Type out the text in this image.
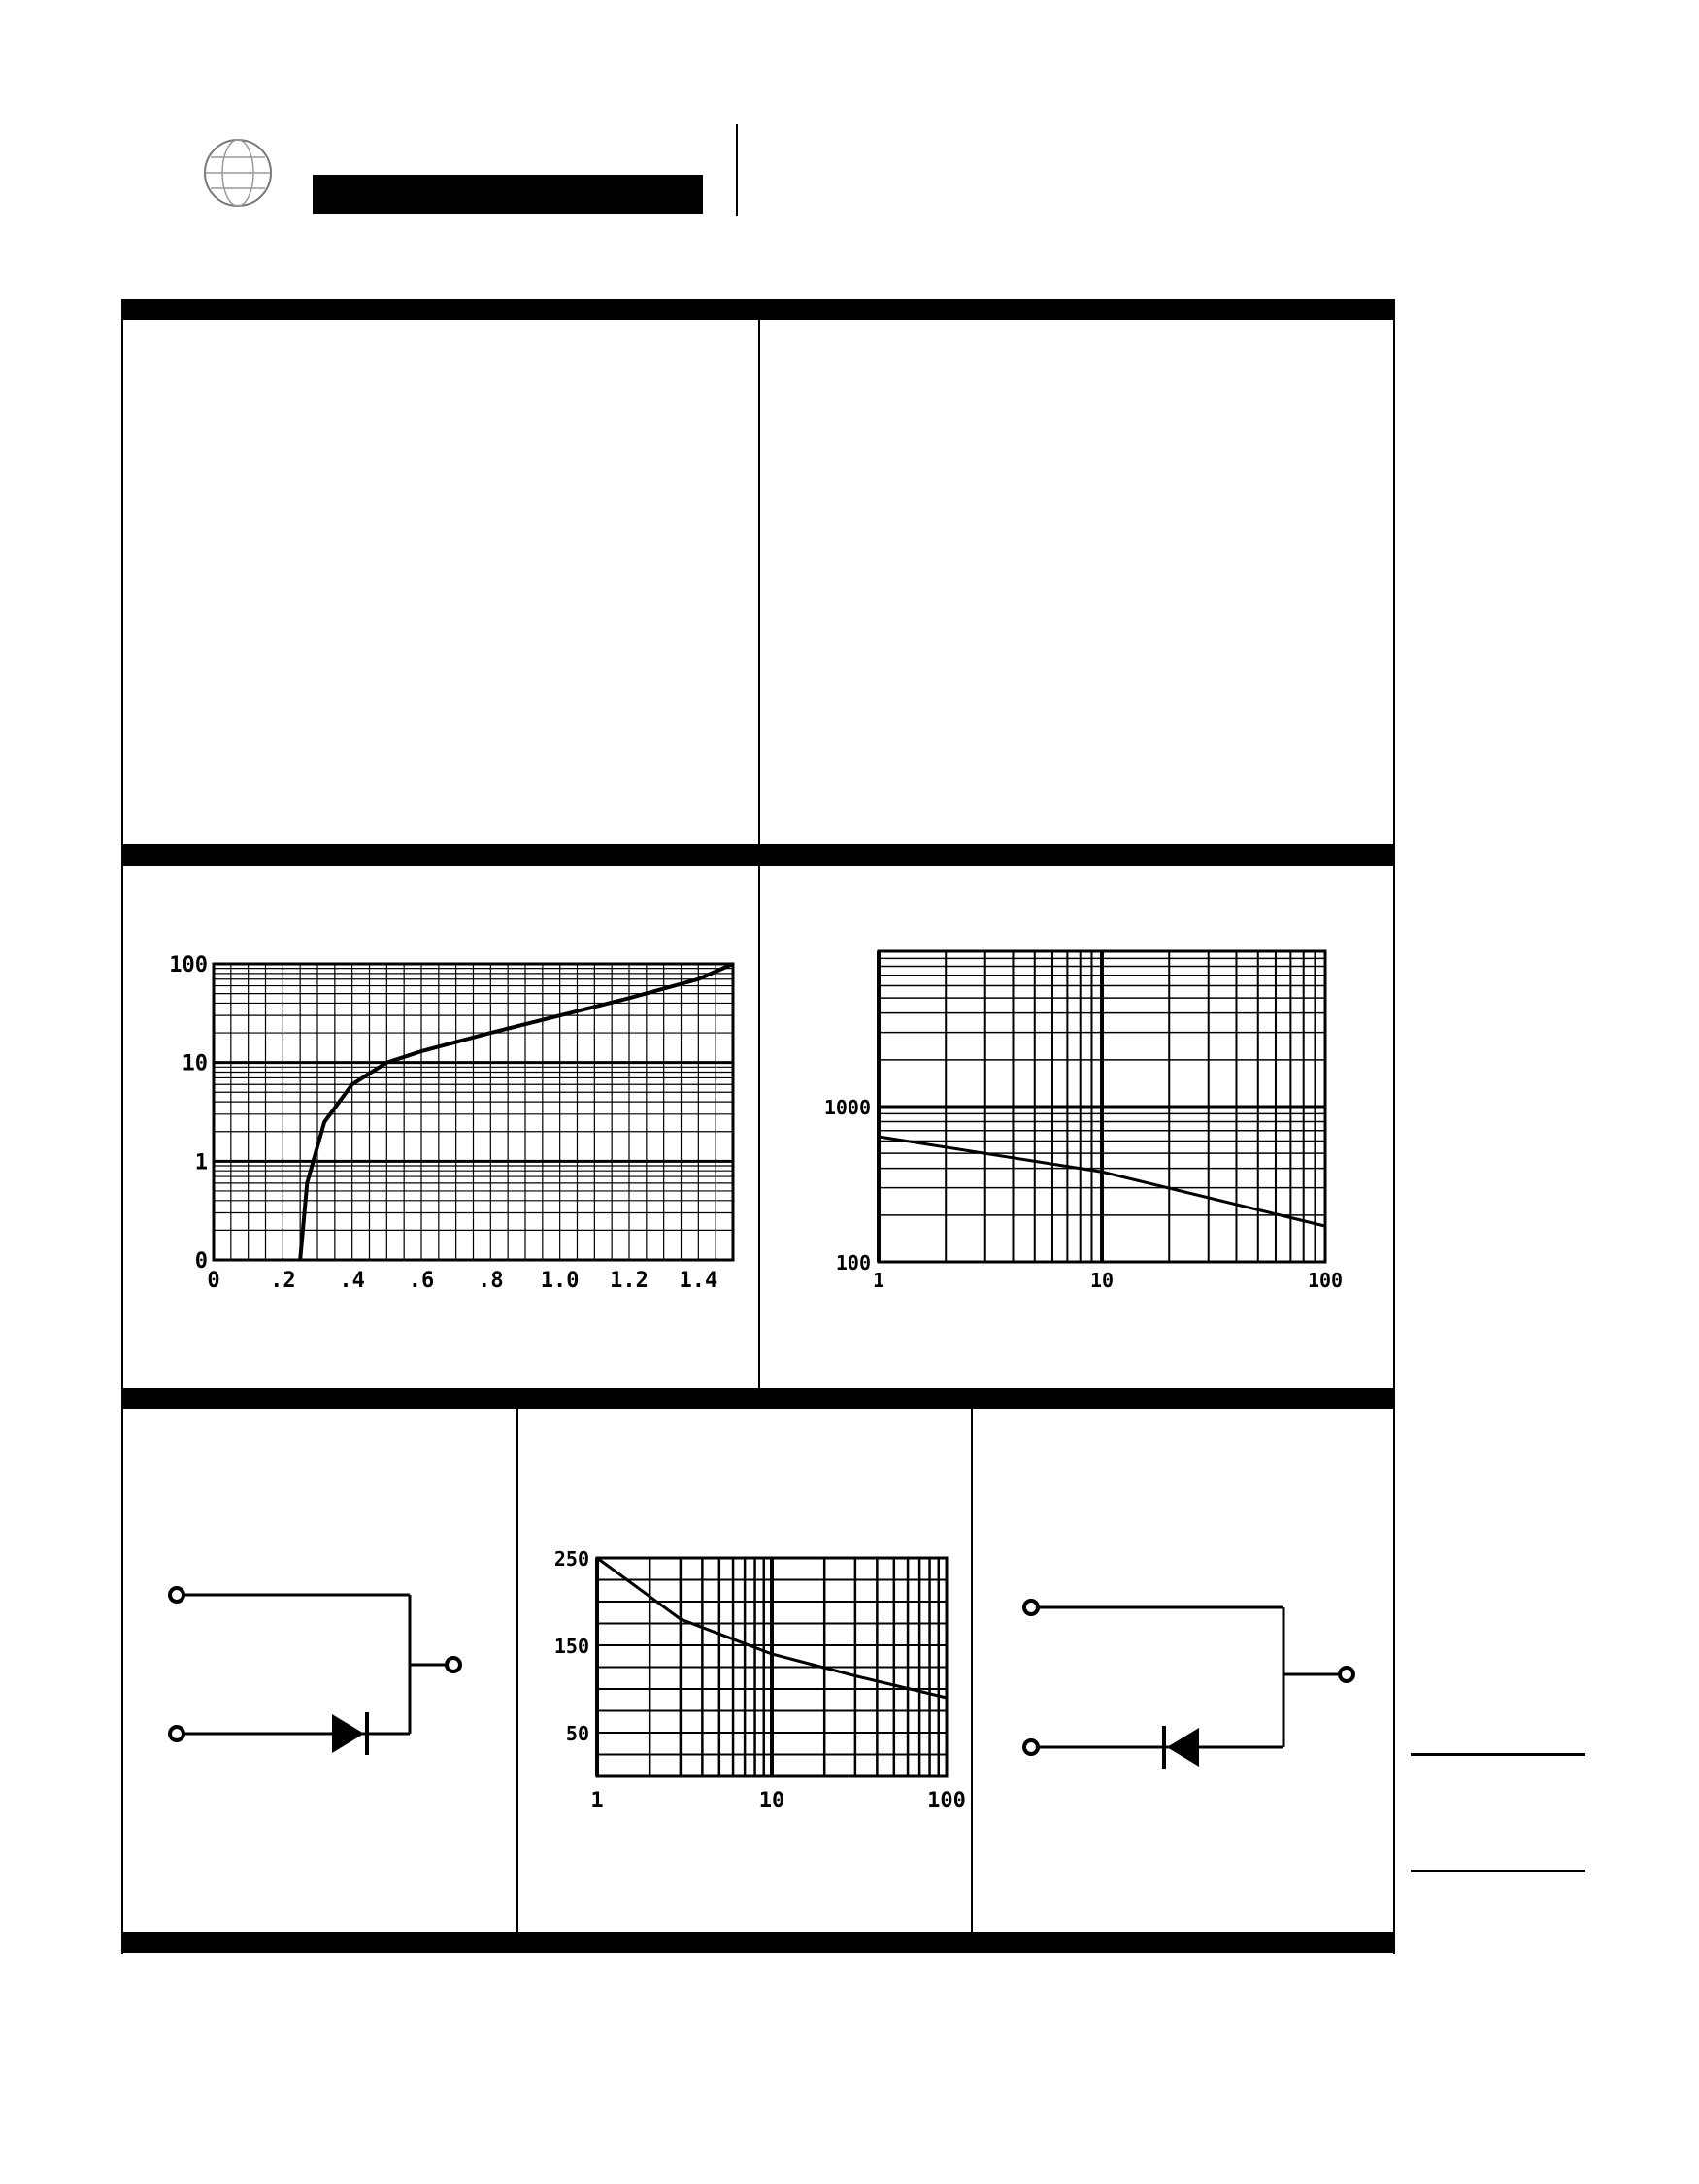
0
1
10
100
0 .2 .4 .6 .8 1.0 1.2 1.4
100
1000
1	10	100
50
150
250
1	10	100
